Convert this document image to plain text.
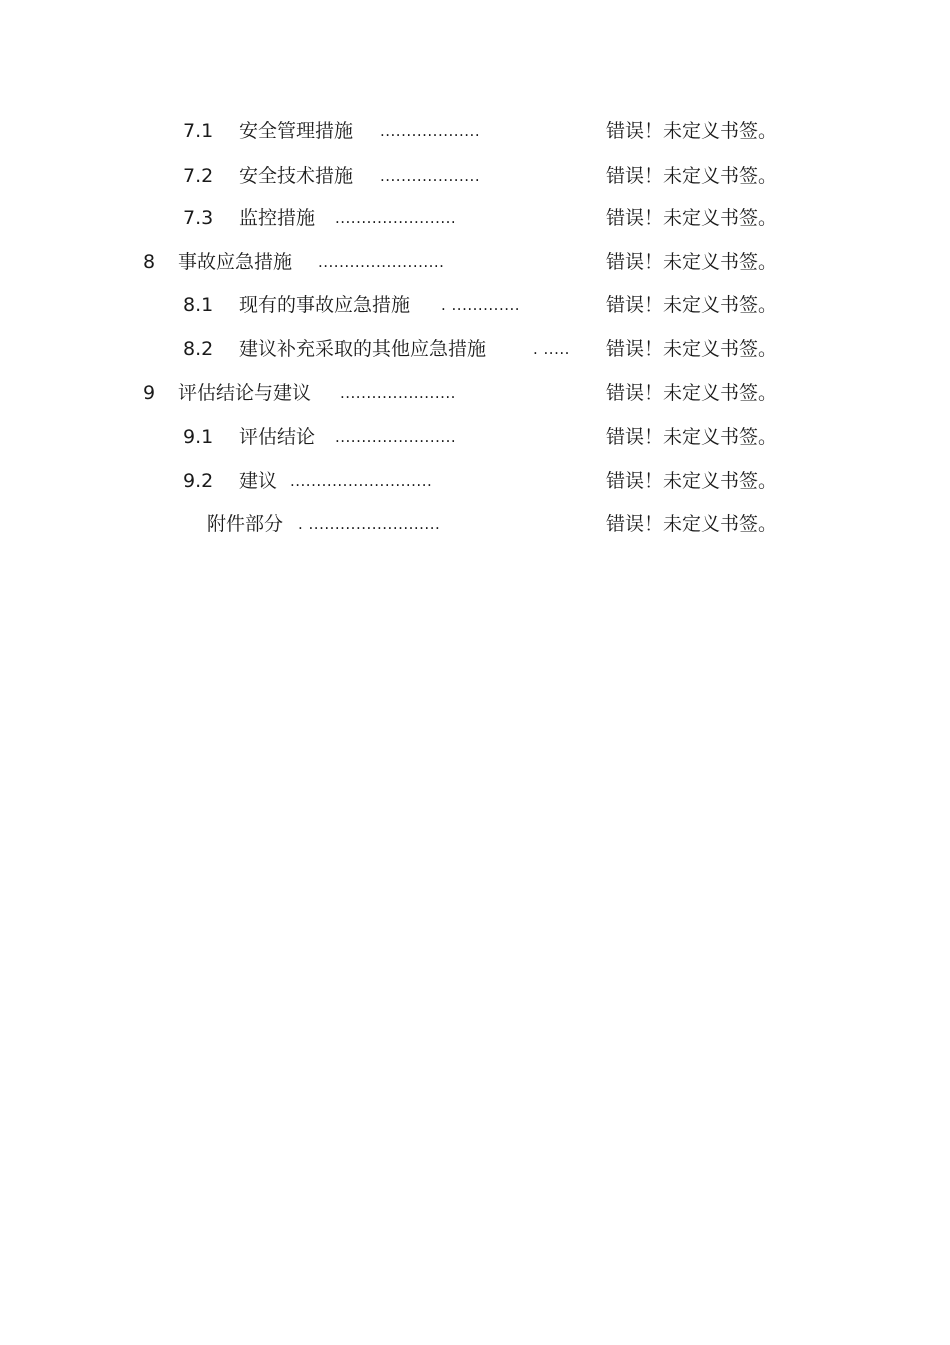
7.1 安全管理措施 ...................	错误！未定义书签。
7.2 安全技术措施 ...................	错误！未定义书签。
7.3 监控措施 .......................	错误！未定义书签。
8 事故应急措施 ........................	错误！未定义书签。
8.1 现有的事故应急措施 . .............	错误！未定义书签。
8.2 建议补充采取的其他应急措施	. ..... 错误！未定义书签。
9 评估结论与建议 ......................	错误！未定义书签。
9.1 评估结论 .......................	错误！未定义书签。
9.2 建议 ...........................	错误！未定义书签。
附件部分 . .........................	错误！未定义书签。
